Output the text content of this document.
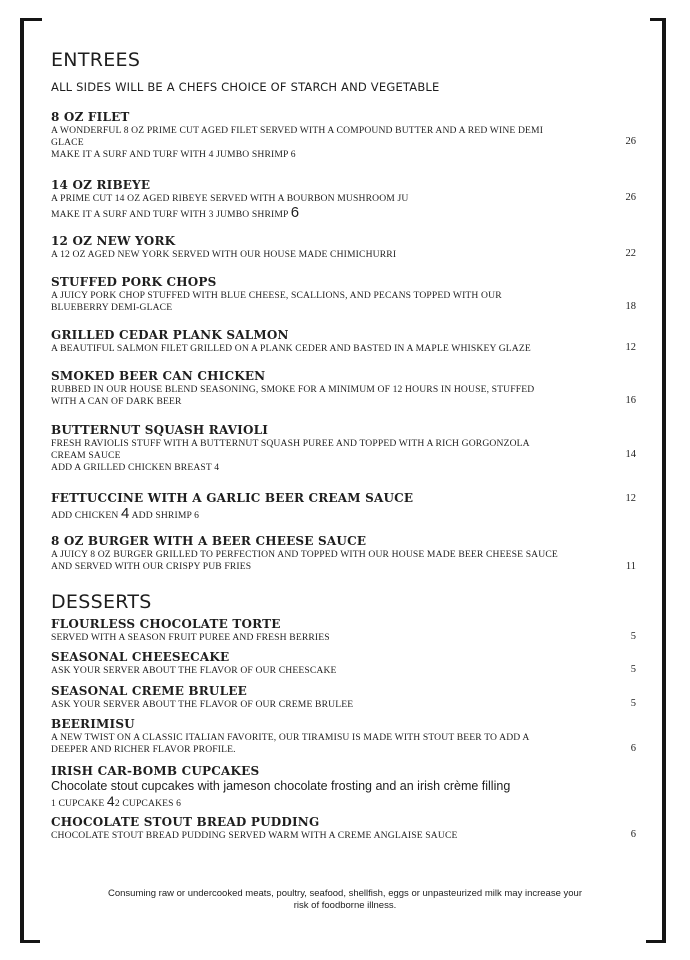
ENTREES

ALL SIDES WILL BE A CHEFS CHOICE OF STARCH AND VEGETABLE

8 OZ FILET
A WONDERFUL 8 OZ PRIME CUT AGED FILET SERVED WITH A COMPOUND BUTTER AND A RED WINE DEMI
GLACE
MAKE IT A SURF AND TURF WITH 4 JUMBO SHRIMP 6
26
14 OZ RIBEYE
A PRIME CUT 14 OZ AGED RIBEYE SERVED WITH A BOURBON MUSHROOM JU
MAKE IT A SURF AND TURF WITH 3 JUMBO SHRIMP 6
26
12 OZ NEW YORK
A 12 OZ AGED NEW YORK SERVED WITH OUR HOUSE MADE CHIMICHURRI	22
STUFFED PORK CHOPS
A JUICY PORK CHOP STUFFED WITH BLUE CHEESE, SCALLIONS, AND PECANS TOPPED WITH OUR
BLUEBERRY DEMI-GLACE	18
GRILLED CEDAR PLANK SALMON
A BEAUTIFUL SALMON FILET GRILLED ON A PLANK CEDER AND BASTED IN A MAPLE WHISKEY GLAZE	12
SMOKED BEER CAN CHICKEN
RUBBED IN OUR HOUSE BLEND SEASONING, SMOKE FOR A MINIMUM OF 12 HOURS IN HOUSE, STUFFED
WITH A CAN OF DARK BEER	16
BUTTERNUT SQUASH RAVIOLI
FRESH RAVIOLIS STUFF WITH A BUTTERNUT SQUASH PUREE AND TOPPED WITH A RICH GORGONZOLA
CREAM SAUCE
ADD A GRILLED CHICKEN BREAST 4
14
FETTUCCINE WITH A GARLIC BEER CREAM SAUCE
ADD CHICKEN 4 ADD SHRIMP 6
12
8 OZ BURGER WITH A BEER CHEESE SAUCE
A JUICY 8 OZ BURGER GRILLED TO PERFECTION AND TOPPED WITH OUR HOUSE MADE BEER CHEESE SAUCE
AND SERVED WITH OUR CRISPY PUB FRIES	11
DESSERTS
FLOURLESS CHOCOLATE TORTE
SERVED WITH A SEASON FRUIT PUREE AND FRESH BERRIES	5
SEASONAL CHEESECAKE
ASK YOUR SERVER ABOUT THE FLAVOR OF OUR CHEESCAKE	5
SEASONAL CREME BRULEE
ASK YOUR SERVER ABOUT THE FLAVOR OF OUR CREME BRULEE	5
BEERIMISU
A NEW TWIST ON A CLASSIC ITALIAN FAVORITE, OUR TIRAMISU IS MADE WITH STOUT BEER TO ADD A
DEEPER AND RICHER FLAVOR PROFILE.	6
IRISH CAR-BOMB CUPCAKES
Chocolate stout cupcakes with jameson chocolate frosting and an irish crème filling
1 CUPCAKE 42 CUPCAKES 6
CHOCOLATE STOUT BREAD PUDDING
CHOCOLATE STOUT BREAD PUDDING SERVED WARM WITH A CREME ANGLAISE SAUCE	6
Consuming raw or undercooked meats, poultry, seafood, shellfish, eggs or unpasteurized milk may increase your
risk of foodborne illness.
